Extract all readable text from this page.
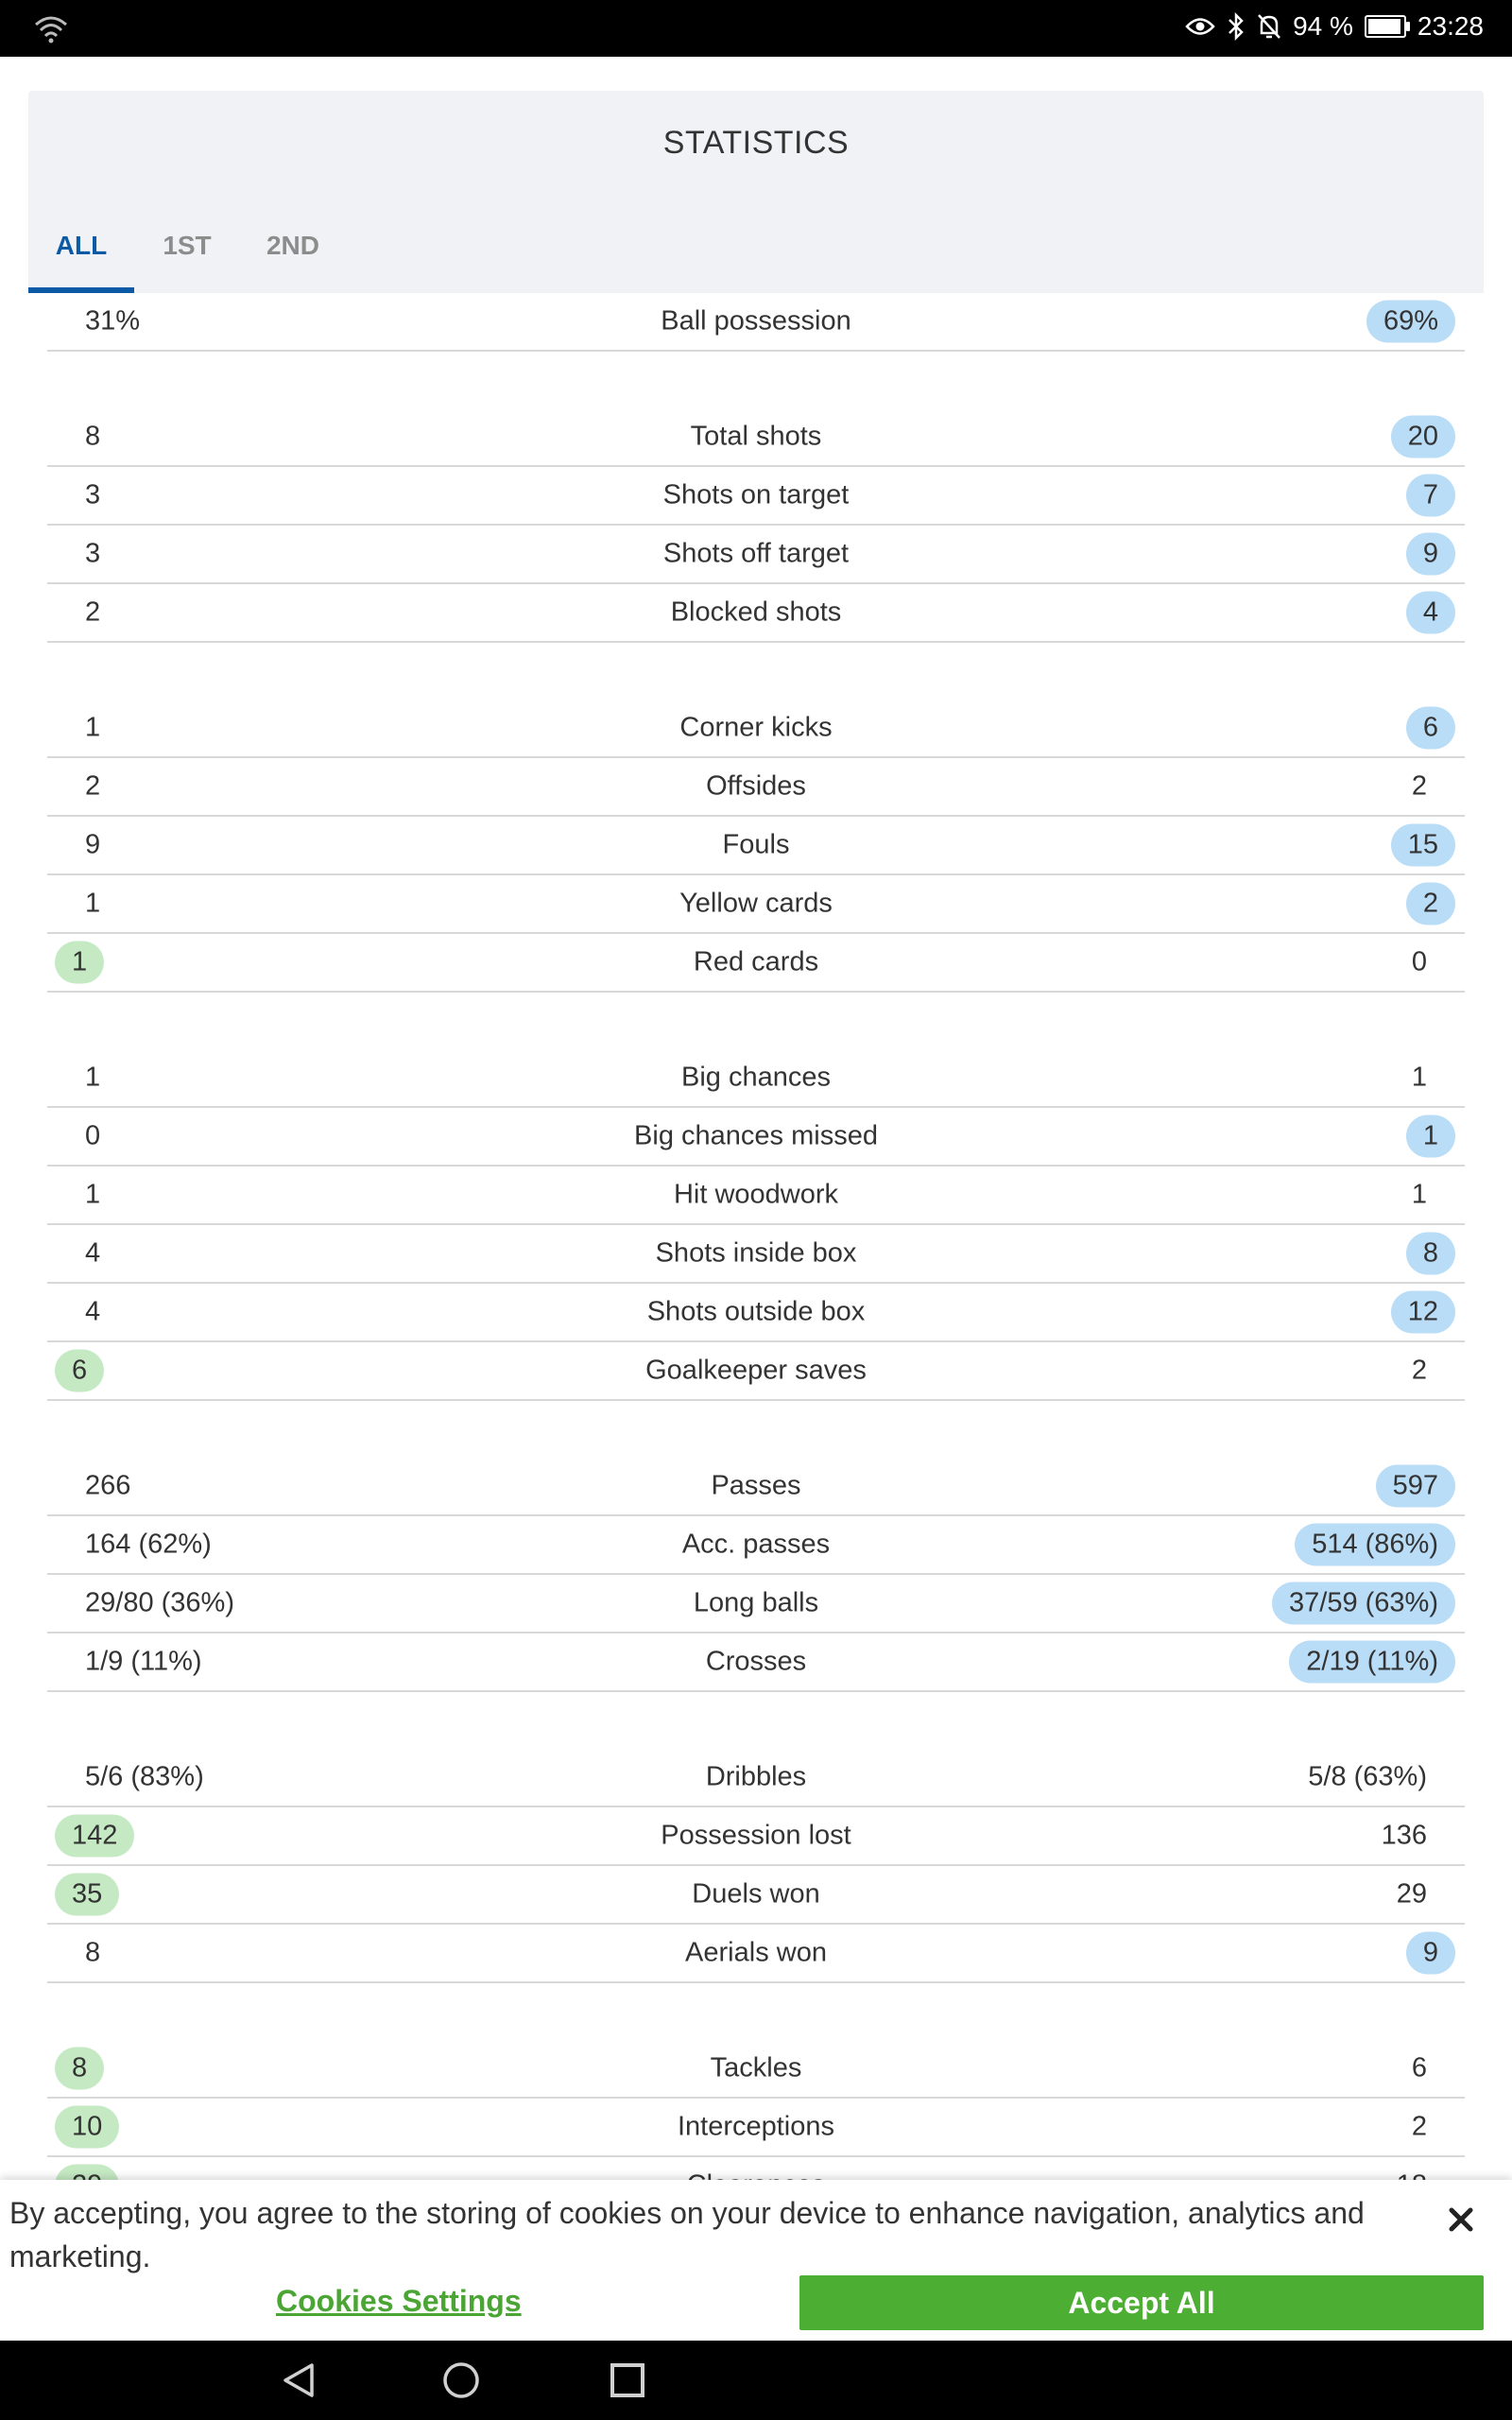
94 % 23:28
STATISTICS
ALL	1ST	2ND
31%	Ball possession	69%
8	Total shots	20
3	Shots on target	7
3	Shots off target	9
2	Blocked shots	4
1	Corner kicks	6
2	Offsides	2
9	Fouls	15
1	Yellow cards	2
1	Red cards	0
1	Big chances	1
0	Big chances missed	1
1	Hit woodwork	1
4	Shots inside box	8
4	Shots outside box	12
6	Goalkeeper saves	2
266	Passes	597
164 (62%)	Acc. passes	514 (86%)
29/80 (36%)	Long balls	37/59 (63%)
1/9 (11%)	Crosses	2/19 (11%)
5/6 (83%)	Dribbles	5/8 (63%)
142	Possession lost	136
35	Duels won	29
8	Aerials won	9
8	Tackles	6
10	Interceptions	2
By accepting, you agree to the storing of cookies on your device to enhance navigation, analytics and marketing.
Cookies Settings	Accept All
